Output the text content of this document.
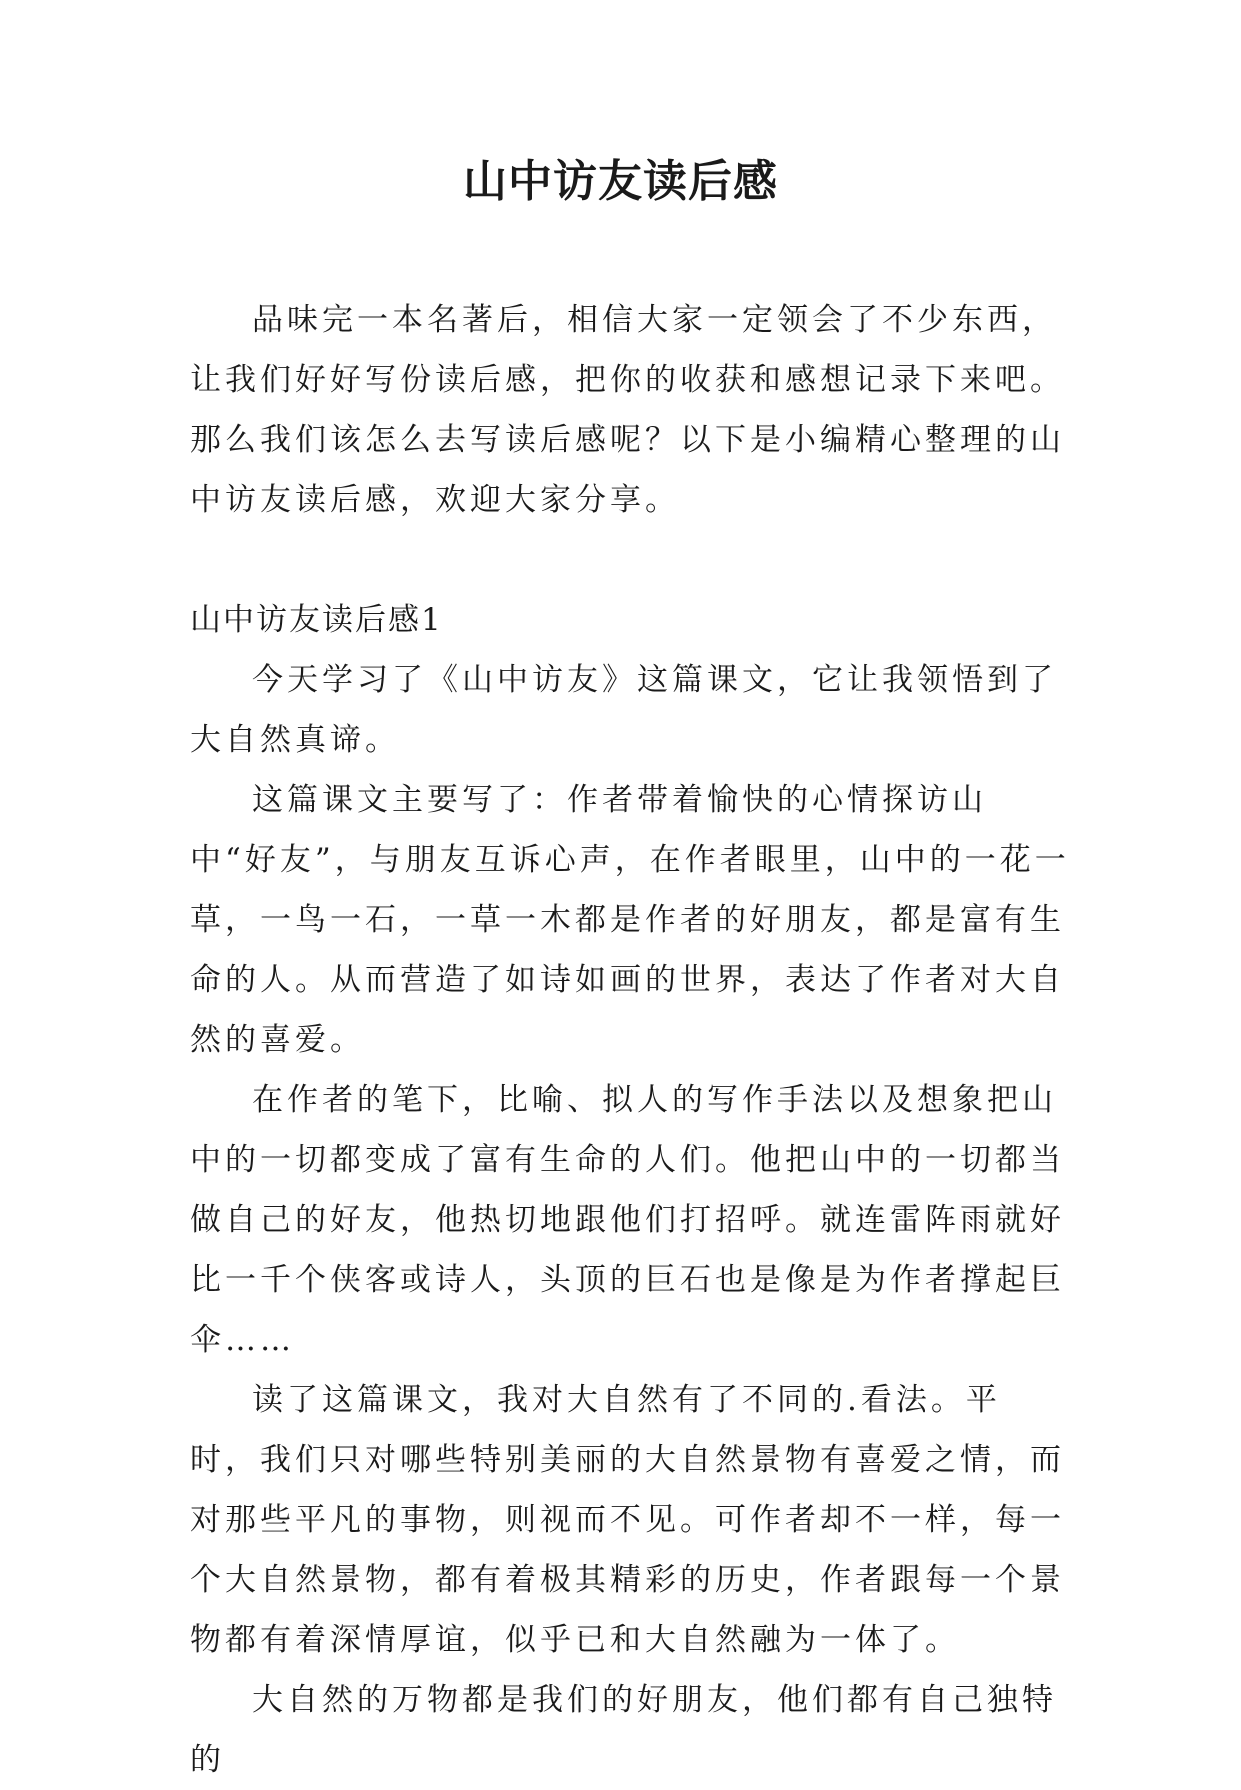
山中访友读后感

品味完一本名著后，相信大家一定领会了不少东西，让我们好好写份读后感，把你的收获和感想记录下来吧。那么我们该怎么去写读后感呢？以下是小编精心整理的山中访友读后感，欢迎大家分享。

山中访友读后感1

今天学习了《山中访友》这篇课文，它让我领悟到了大自然真谛。

这篇课文主要写了：作者带着愉快的心情探访山中“好友”，与朋友互诉心声，在作者眼里，山中的一花一草，一鸟一石，一草一木都是作者的好朋友，都是富有生命的人。从而营造了如诗如画的世界，表达了作者对大自然的喜爱。

在作者的笔下，比喻、拟人的写作手法以及想象把山中的一切都变成了富有生命的人们。他把山中的一切都当做自己的好友，他热切地跟他们打招呼。就连雷阵雨就好比一千个侠客或诗人，头顶的巨石也是像是为作者撑起巨伞……

读了这篇课文，我对大自然有了不同的.看法。平时，我们只对哪些特别美丽的大自然景物有喜爱之情，而对那些平凡的事物，则视而不见。可作者却不一样，每一个大自然景物，都有着极其精彩的历史，作者跟每一个景物都有着深情厚谊，似乎已和大自然融为一体了。

大自然的万物都是我们的好朋友，他们都有自己独特的
